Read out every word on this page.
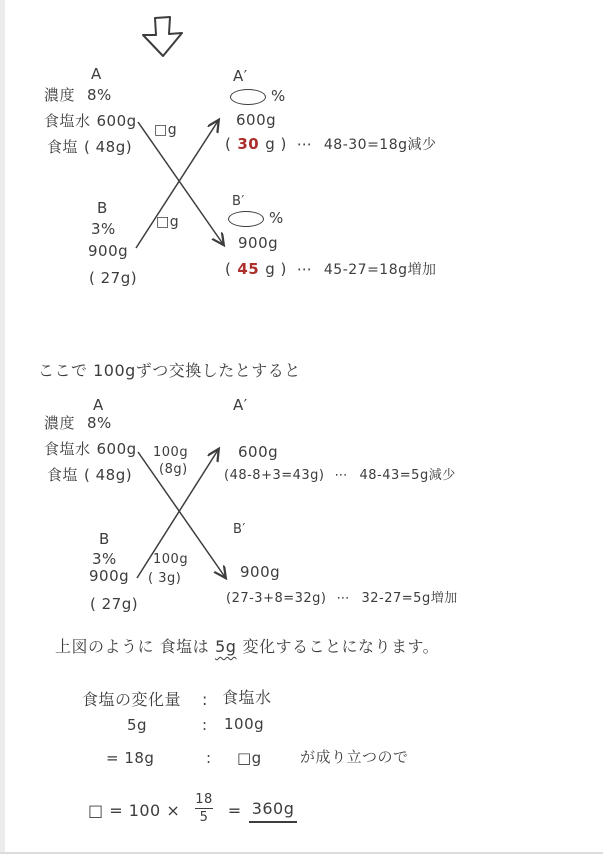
A
濃度 8%
食塩水 600g
食塩 ( 48g)
B
3%
900g
( 27g)
□g
□g
A′
%
600g
( 30 g ) ⋯ 48-30=18g減少
B′
%
900g
( 45 g ) ⋯ 45-27=18g増加
ここで 100gずつ交換したとすると
A
濃度 8%
食塩水 600g
食塩 ( 48g)
B
3%
900g
( 27g)
100g
(8g)
100g
( 3g)
A′
600g
(48-8+3=43g) ⋯ 48-43=5g減少
B′
900g
(27-3+8=32g) ⋯ 32-27=5g増加
上図のように 食塩は 5g 変化することになります。
食塩の変化量 : 食塩水
5g	: 100g
= 18g	: □g	が成り立つので
□ = $100 \times \frac{18}{5} = 360g$
